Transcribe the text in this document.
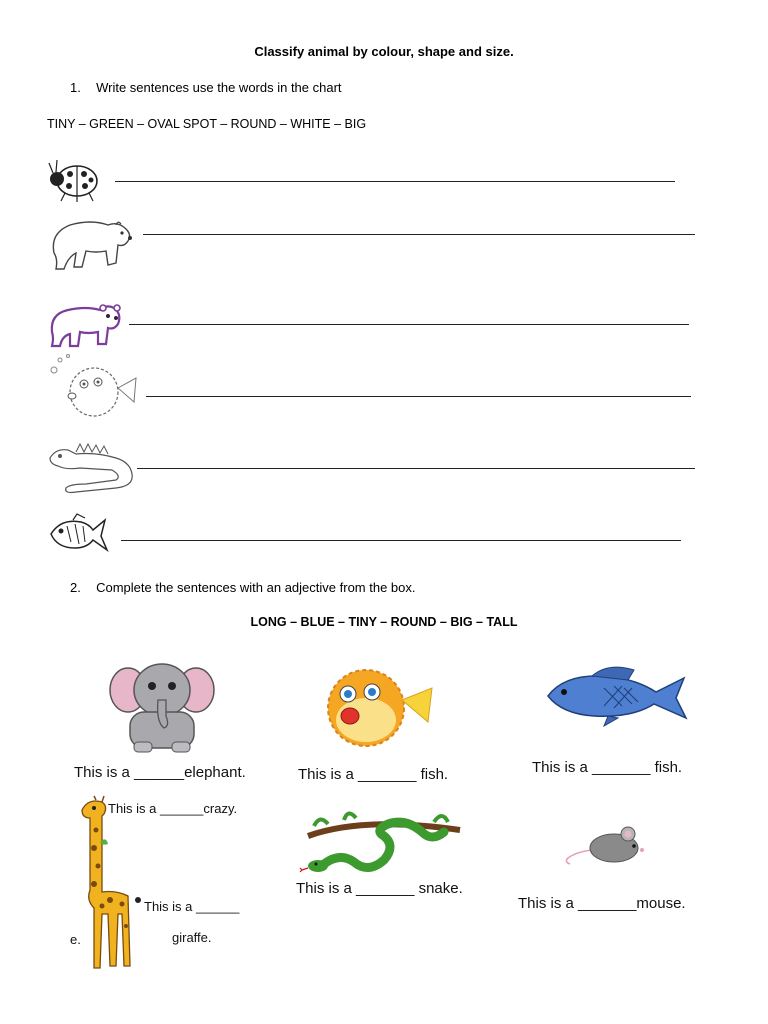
Classify animal by colour, shape and size.
1. Write sentences use the words in the chart
TINY – GREEN – OVAL SPOT – ROUND – WHITE – BIG
2. Complete the sentences with an adjective from the box.
LONG – BLUE – TINY – ROUND – BIG – TALL
This is a ______elephant.	This is a _______ fish.	This is a _______ fish.
This is a ______crazy.
This is a ______
giraffe.
e.
This is a _______ snake.
This is a _______mouse.
